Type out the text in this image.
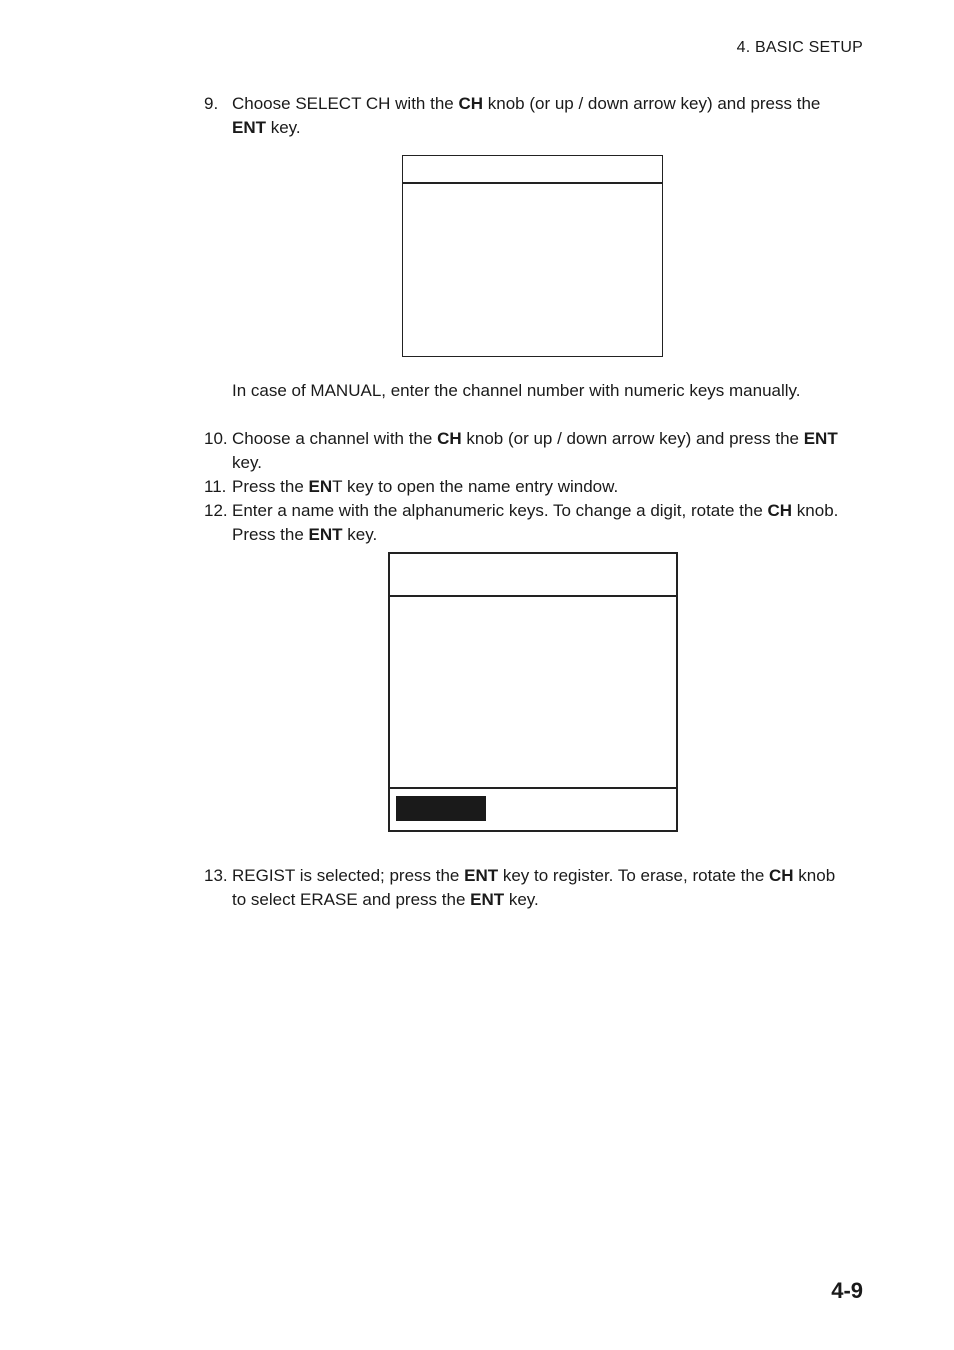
4. BASIC SETUP
9. Choose SELECT CH with the CH knob (or up / down arrow key) and press the ENT key.
In case of MANUAL, enter the channel number with numeric keys manually.
10. Choose a channel with the CH knob (or up / down arrow key) and press the ENT key.
11. Press the ENT key to open the name entry window.
12. Enter a name with the alphanumeric keys. To change a digit, rotate the CH knob. Press the ENT key.
13. REGIST is selected; press the ENT key to register. To erase, rotate the CH knob to select ERASE and press the ENT key.
4-9
